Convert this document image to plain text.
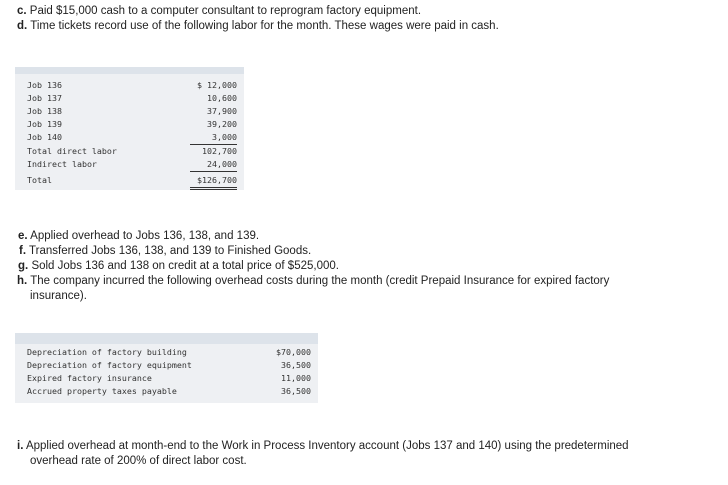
c. Paid $15,000 cash to a computer consultant to reprogram factory equipment.
d. Time tickets record use of the following labor for the month. These wages were paid in cash.
Job 136	$ 12,000
Job 137	10,600
Job 138	37,900
Job 139	39,200
Job 140	3,000
Total direct labor	102,700
Indirect labor	24,000
Total	$126,700
e. Applied overhead to Jobs 136, 138, and 139.
f. Transferred Jobs 136, 138, and 139 to Finished Goods.
g. Sold Jobs 136 and 138 on credit at a total price of $525,000.
h. The company incurred the following overhead costs during the month (credit Prepaid Insurance for expired factory
insurance).
Depreciation of factory building	$70,000
Depreciation of factory equipment	36,500
Expired factory insurance	11,000
Accrued property taxes payable	36,500
i. Applied overhead at month-end to the Work in Process Inventory account (Jobs 137 and 140) using the predetermined
overhead rate of 200% of direct labor cost.
